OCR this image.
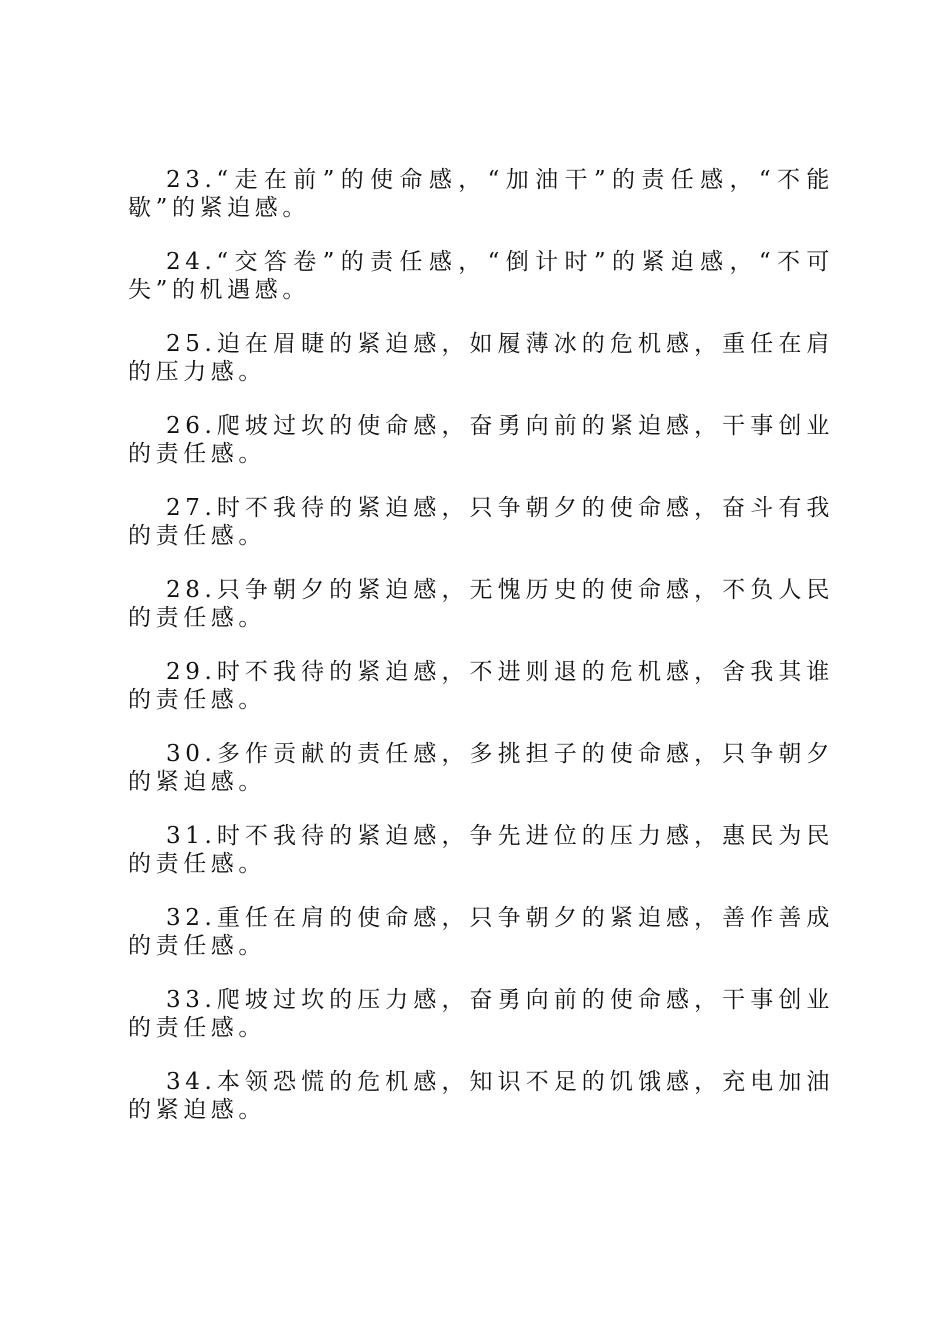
23.“走在前”的使命感，“加油干”的责任感，“不能歇”的紧迫感。

24.“交答卷”的责任感，“倒计时”的紧迫感，“不可失”的机遇感。

25.迫在眉睫的紧迫感，如履薄冰的危机感，重任在肩的压力感。

26.爬坡过坎的使命感，奋勇向前的紧迫感，干事创业的责任感。

27.时不我待的紧迫感，只争朝夕的使命感，奋斗有我的责任感。

28.只争朝夕的紧迫感，无愧历史的使命感，不负人民的责任感。

29.时不我待的紧迫感，不进则退的危机感，舍我其谁的责任感。

30.多作贡献的责任感，多挑担子的使命感，只争朝夕的紧迫感。

31.时不我待的紧迫感，争先进位的压力感，惠民为民的责任感。

32.重任在肩的使命感，只争朝夕的紧迫感，善作善成的责任感。

33.爬坡过坎的压力感，奋勇向前的使命感，干事创业的责任感。

34.本领恐慌的危机感，知识不足的饥饿感，充电加油的紧迫感。
